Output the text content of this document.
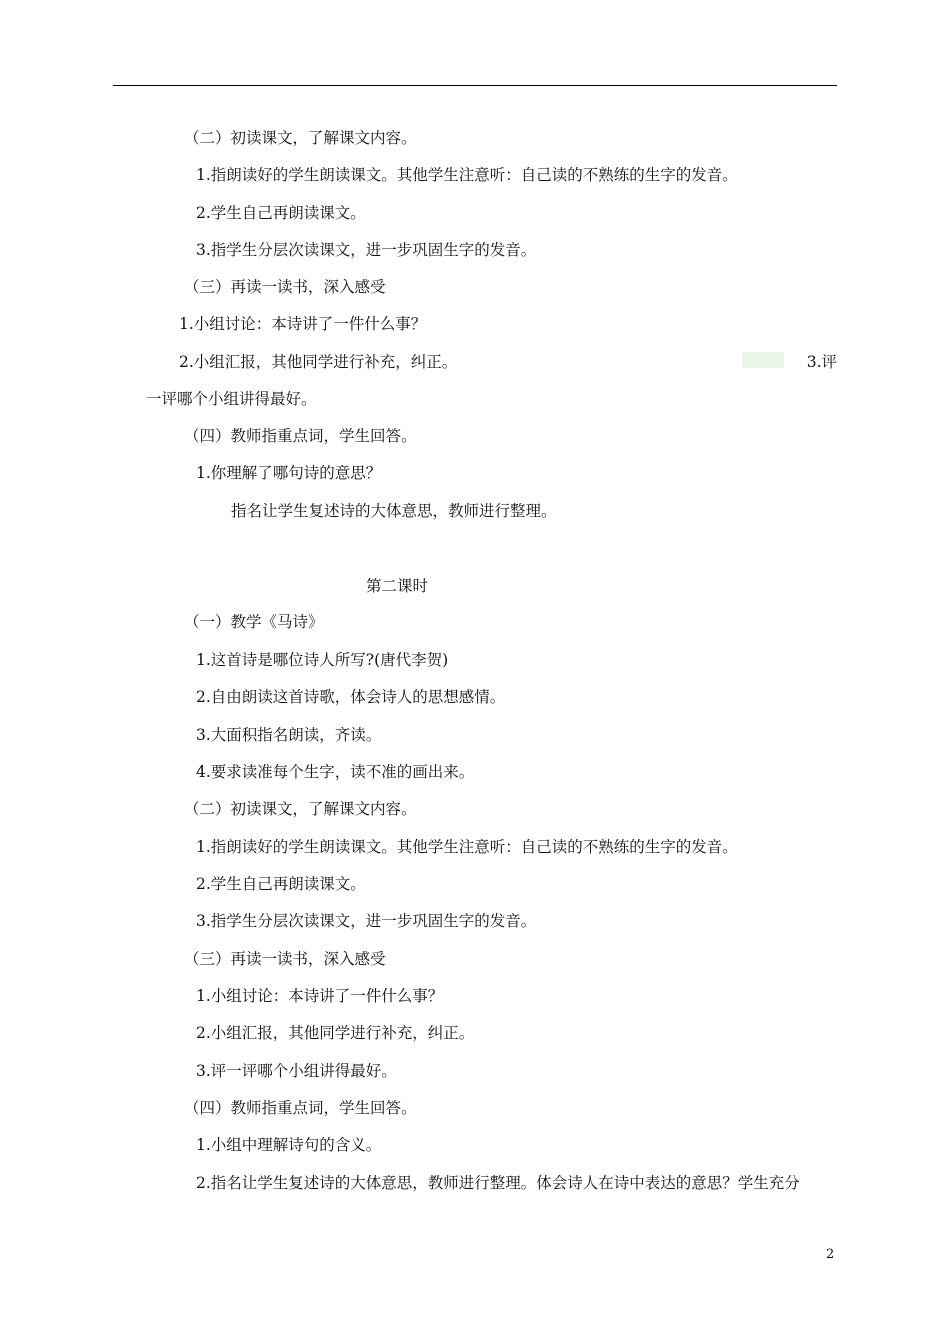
（二）初读课文，了解课文内容。
1.指朗读好的学生朗读课文。其他学生注意听：自己读的不熟练的生字的发音。
2.学生自己再朗读课文。
3.指学生分层次读课文，进一步巩固生字的发音。
（三）再读一读书，深入感受
1.小组讨论：本诗讲了一件什么事？
2.小组汇报，其他同学进行补充，纠正。	3.评
一评哪个小组讲得最好。
（四）教师指重点词，学生回答。
1.你理解了哪句诗的意思？
指名让学生复述诗的大体意思，教师进行整理。
第二课时
（一）教学《马诗》
1.这首诗是哪位诗人所写?(唐代李贺)
2.自由朗读这首诗歌，体会诗人的思想感情。
3.大面积指名朗读，齐读。
4.要求读准每个生字，读不准的画出来。
（二）初读课文，了解课文内容。
1.指朗读好的学生朗读课文。其他学生注意听：自己读的不熟练的生字的发音。
2.学生自己再朗读课文。
3.指学生分层次读课文，进一步巩固生字的发音。
（三）再读一读书，深入感受
1.小组讨论：本诗讲了一件什么事？
2.小组汇报，其他同学进行补充，纠正。
3.评一评哪个小组讲得最好。
（四）教师指重点词，学生回答。
1.小组中理解诗句的含义。
2.指名让学生复述诗的大体意思，教师进行整理。体会诗人在诗中表达的意思？学生充分
2
